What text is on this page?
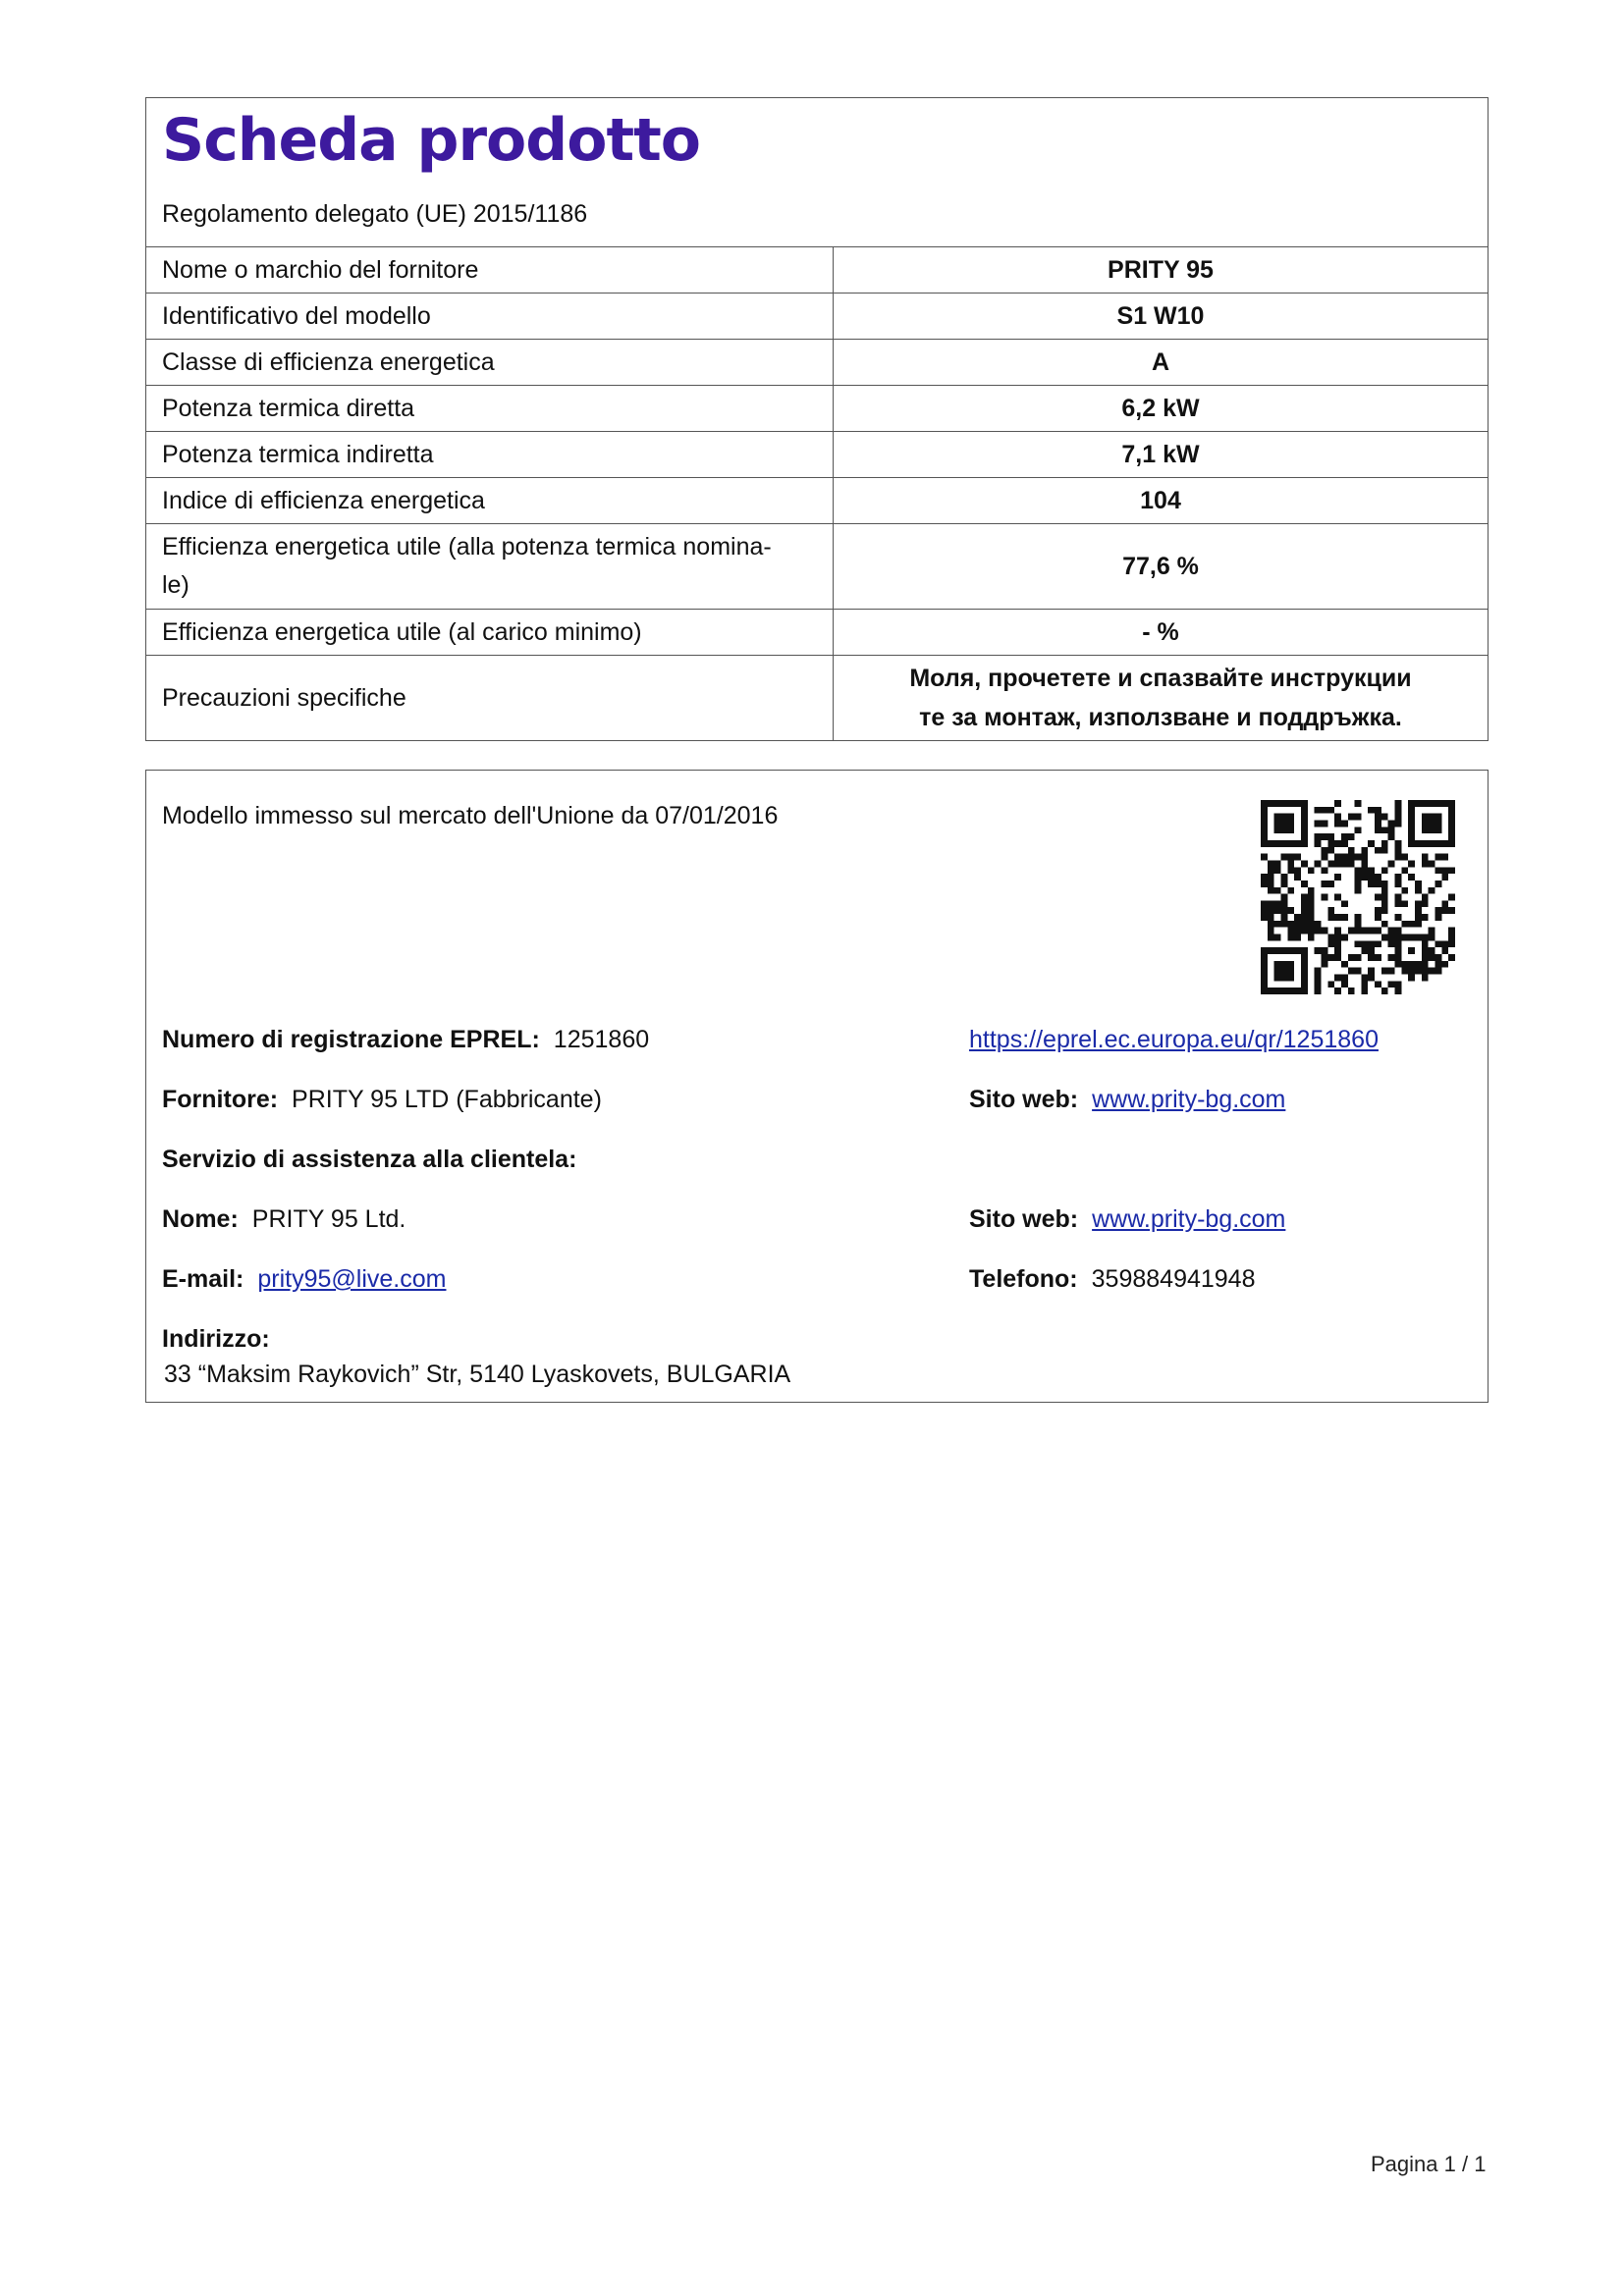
Scheda prodotto
Regolamento delegato (UE) 2015/1186
Nome o marchio del fornitore	PRITY 95
Identificativo del modello	S1 W10
Classe di efficienza energetica	A
Potenza termica diretta	6,2 kW
Potenza termica indiretta	7,1 kW
Indice di efficienza energetica	104

Efficienza energetica utile (alla potenza termica nomina-
le)	77,6 %
Efficienza energetica utile (al carico minimo)	- %
Precauzioni specifiche	Моля, прочетете и спазвайте инструкции
те за монтаж, използване и поддръжка.
Modello immesso sul mercato dell'Unione da 07/01/2016
Numero di registrazione EPREL: 1251860	https://eprel.ec.europa.eu/qr/1251860
Fornitore: PRITY 95 LTD (Fabbricante)	Sito web: www.prity-bg.com
Servizio di assistenza alla clientela:
Nome: PRITY 95 Ltd.	Sito web: www.prity-bg.com
E-mail: prity95@live.com	Telefono: 359884941948
Indirizzo:
33 “Maksim Raykovich” Str, 5140 Lyaskovets, BULGARIA
Pagina 1 / 1
